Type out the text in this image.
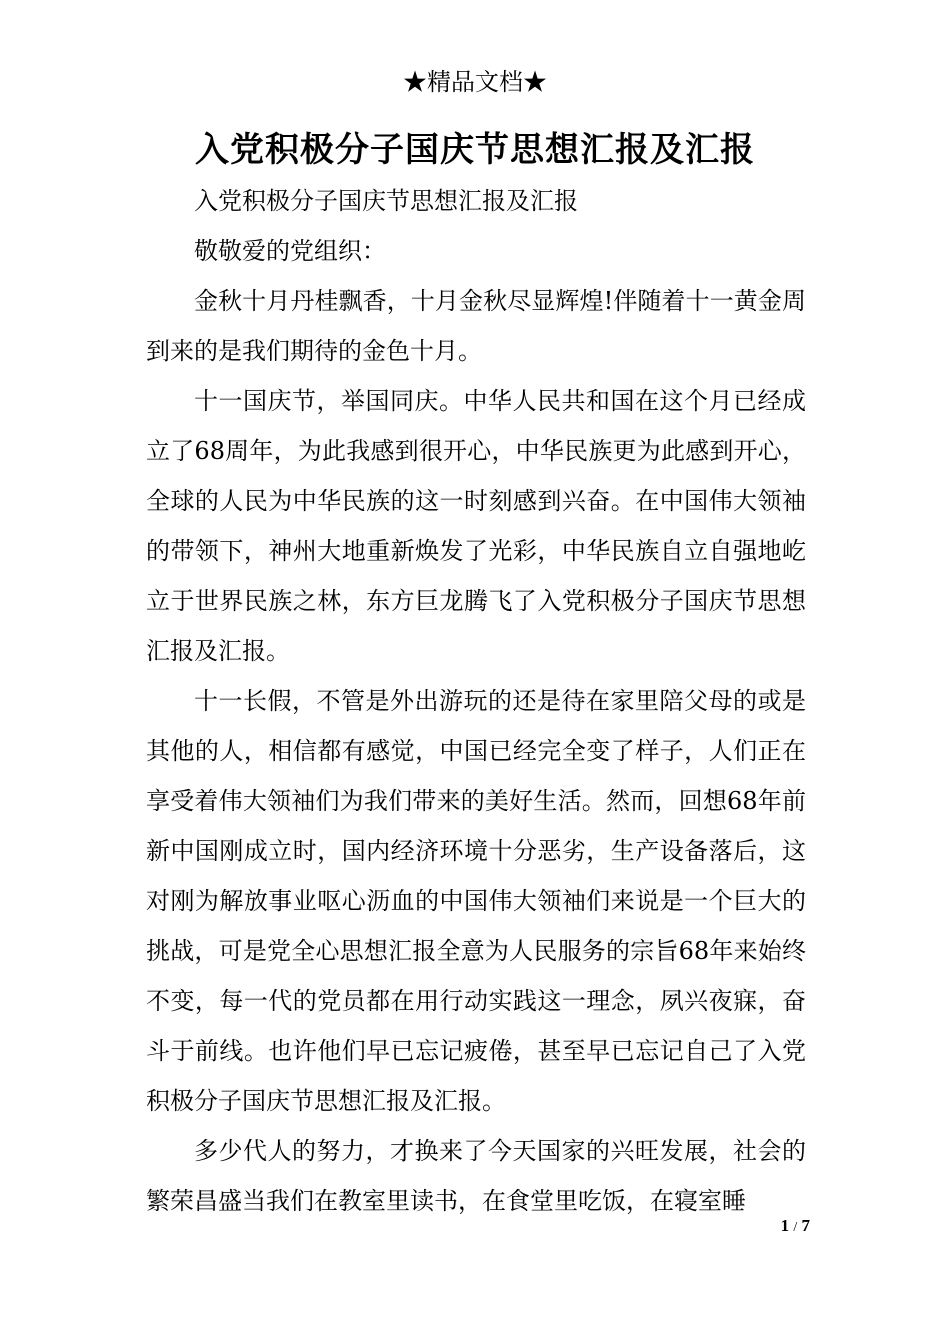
★精品文档★
入党积极分子国庆节思想汇报及汇报

入党积极分子国庆节思想汇报及汇报

敬敬爱的党组织：

金秋十月丹桂飘香，十月金秋尽显辉煌!伴随着十一黄金周到来的是我们期待的金色十月。

十一国庆节，举国同庆。中华人民共和国在这个月已经成立了68周年，为此我感到很开心，中华民族更为此感到开心，全球的人民为中华民族的这一时刻感到兴奋。在中国伟大领袖的带领下，神州大地重新焕发了光彩，中华民族自立自强地屹立于世界民族之林，东方巨龙腾飞了入党积极分子国庆节思想汇报及汇报。

十一长假，不管是外出游玩的还是待在家里陪父母的或是其他的人，相信都有感觉，中国已经完全变了样子，人们正在享受着伟大领袖们为我们带来的美好生活。然而，回想68年前新中国刚成立时，国内经济环境十分恶劣，生产设备落后，这对刚为解放事业呕心沥血的中国伟大领袖们来说是一个巨大的挑战，可是党全心思想汇报全意为人民服务的宗旨68年来始终不变，每一代的党员都在用行动实践这一理念，夙兴夜寐，奋斗于前线。也许他们早已忘记疲倦，甚至早已忘记自己了入党积极分子国庆节思想汇报及汇报。

多少代人的努力，才换来了今天国家的兴旺发展，社会的繁荣昌盛当我们在教室里读书，在食堂里吃饭，在寝室睡

1 / 7
